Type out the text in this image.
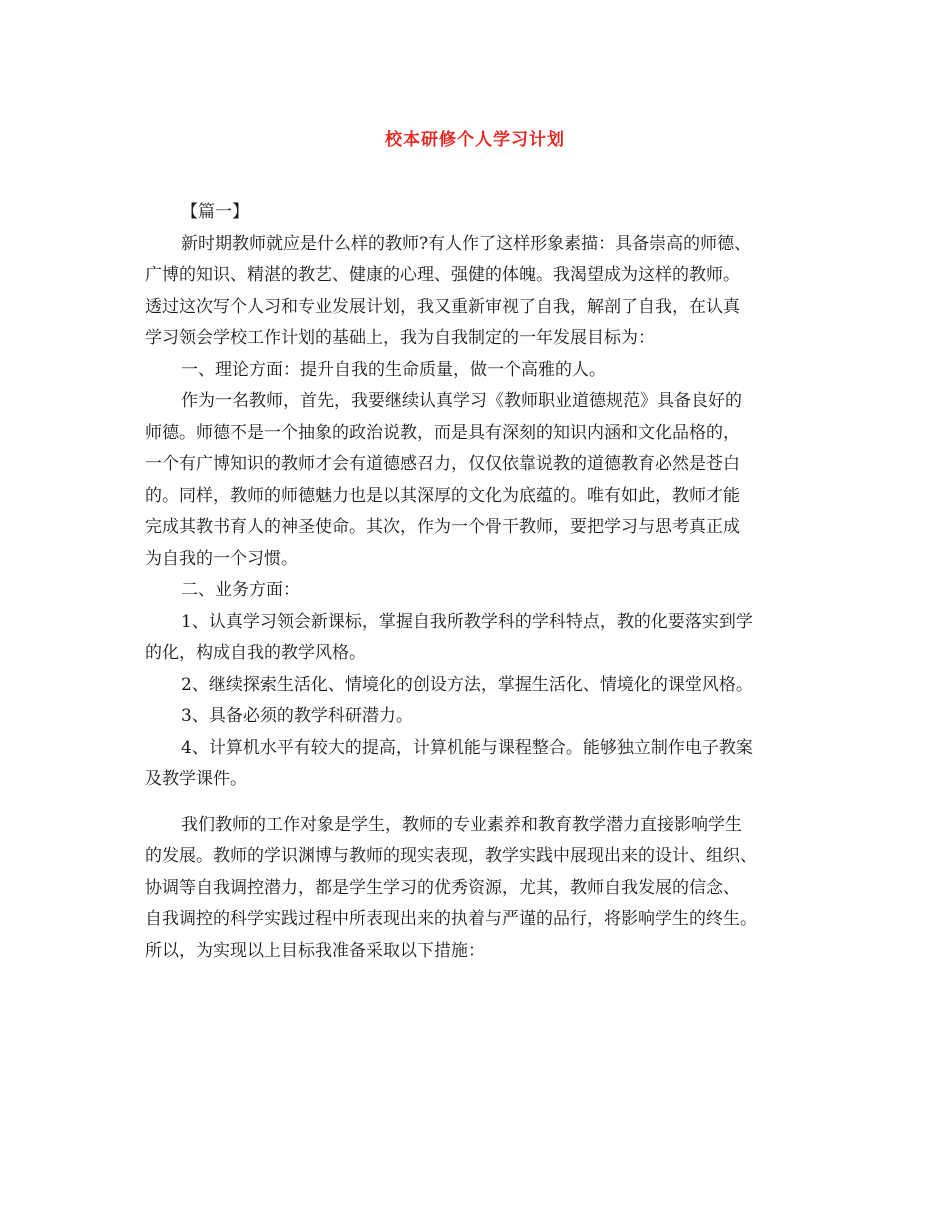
校本研修个人学习计划
【篇一】
新时期教师就应是什么样的教师?有人作了这样形象素描：具备崇高的师德、
广博的知识、精湛的教艺、健康的心理、强健的体魄。我渴望成为这样的教师。
透过这次写个人习和专业发展计划，我又重新审视了自我，解剖了自我，在认真
学习领会学校工作计划的基础上，我为自我制定的一年发展目标为：
一、理论方面：提升自我的生命质量，做一个高雅的人。
作为一名教师，首先，我要继续认真学习《教师职业道德规范》具备良好的
师德。师德不是一个抽象的政治说教，而是具有深刻的知识内涵和文化品格的，
一个有广博知识的教师才会有道德感召力，仅仅依靠说教的道德教育必然是苍白
的。同样，教师的师德魅力也是以其深厚的文化为底蕴的。唯有如此，教师才能
完成其教书育人的神圣使命。其次，作为一个骨干教师，要把学习与思考真正成
为自我的一个习惯。
二、业务方面：
1、认真学习领会新课标，掌握自我所教学科的学科特点，教的化要落实到学
的化，构成自我的教学风格。
2、继续探索生活化、情境化的创设方法，掌握生活化、情境化的课堂风格。
3、具备必须的教学科研潜力。
4、计算机水平有较大的提高，计算机能与课程整合。能够独立制作电子教案
及教学课件。
我们教师的工作对象是学生，教师的专业素养和教育教学潜力直接影响学生
的发展。教师的学识渊博与教师的现实表现，教学实践中展现出来的设计、组织、
协调等自我调控潜力，都是学生学习的优秀资源，尤其，教师自我发展的信念、
自我调控的科学实践过程中所表现出来的执着与严谨的品行，将影响学生的终生。
所以，为实现以上目标我准备采取以下措施：
